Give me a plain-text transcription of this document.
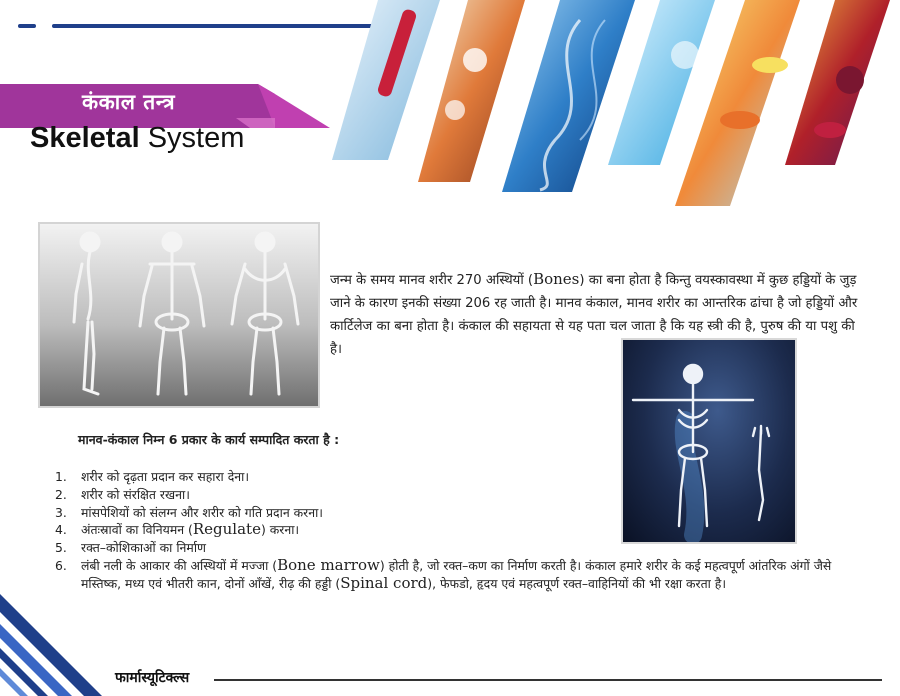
कंकाल तन्त्र
Skeletal System

जन्म के समय मानव शरीर 270 अस्थियों (Bones) का बना होता है किन्तु वयस्कावस्था में कुछ हड्डियों के जुड़ जाने के कारण इनकी संख्या 206 रह जाती है। मानव कंकाल, मानव शरीर का आन्तरिक ढांचा है जो हड्डियों और कार्टिलेज का बना होता है। कंकाल की सहायता से यह पता चल जाता है कि यह स्त्री की है, पुरुष की या पशु की है।

मानव-कंकाल निम्न 6 प्रकार के कार्य सम्पादित करता है :
1. शरीर को दृढ़ता प्रदान कर सहारा देना।
2. शरीर को संरक्षित रखना।
3. मांसपेशियों को संलग्न और शरीर को गति प्रदान करना।
4. अंतःस्रावों का विनियमन (Regulate) करना।
5. रक्त–कोशिकाओं का निर्माण
6. लंबी नली के आकार की अस्थियों में मज्जा (Bone marrow) होती है, जो रक्त–कण का निर्माण करती है। कंकाल हमारे शरीर के कई महत्वपूर्ण आंतरिक अंगों जैसे मस्तिष्क, मध्य एवं भीतरी कान, दोनों आँखें, रीढ़ की हड्डी (Spinal cord), फेफडो, हृदय एवं महत्वपूर्ण रक्त–वाहिनियों की भी रक्षा करता है।
फार्मास्यूटिक्ल्स
